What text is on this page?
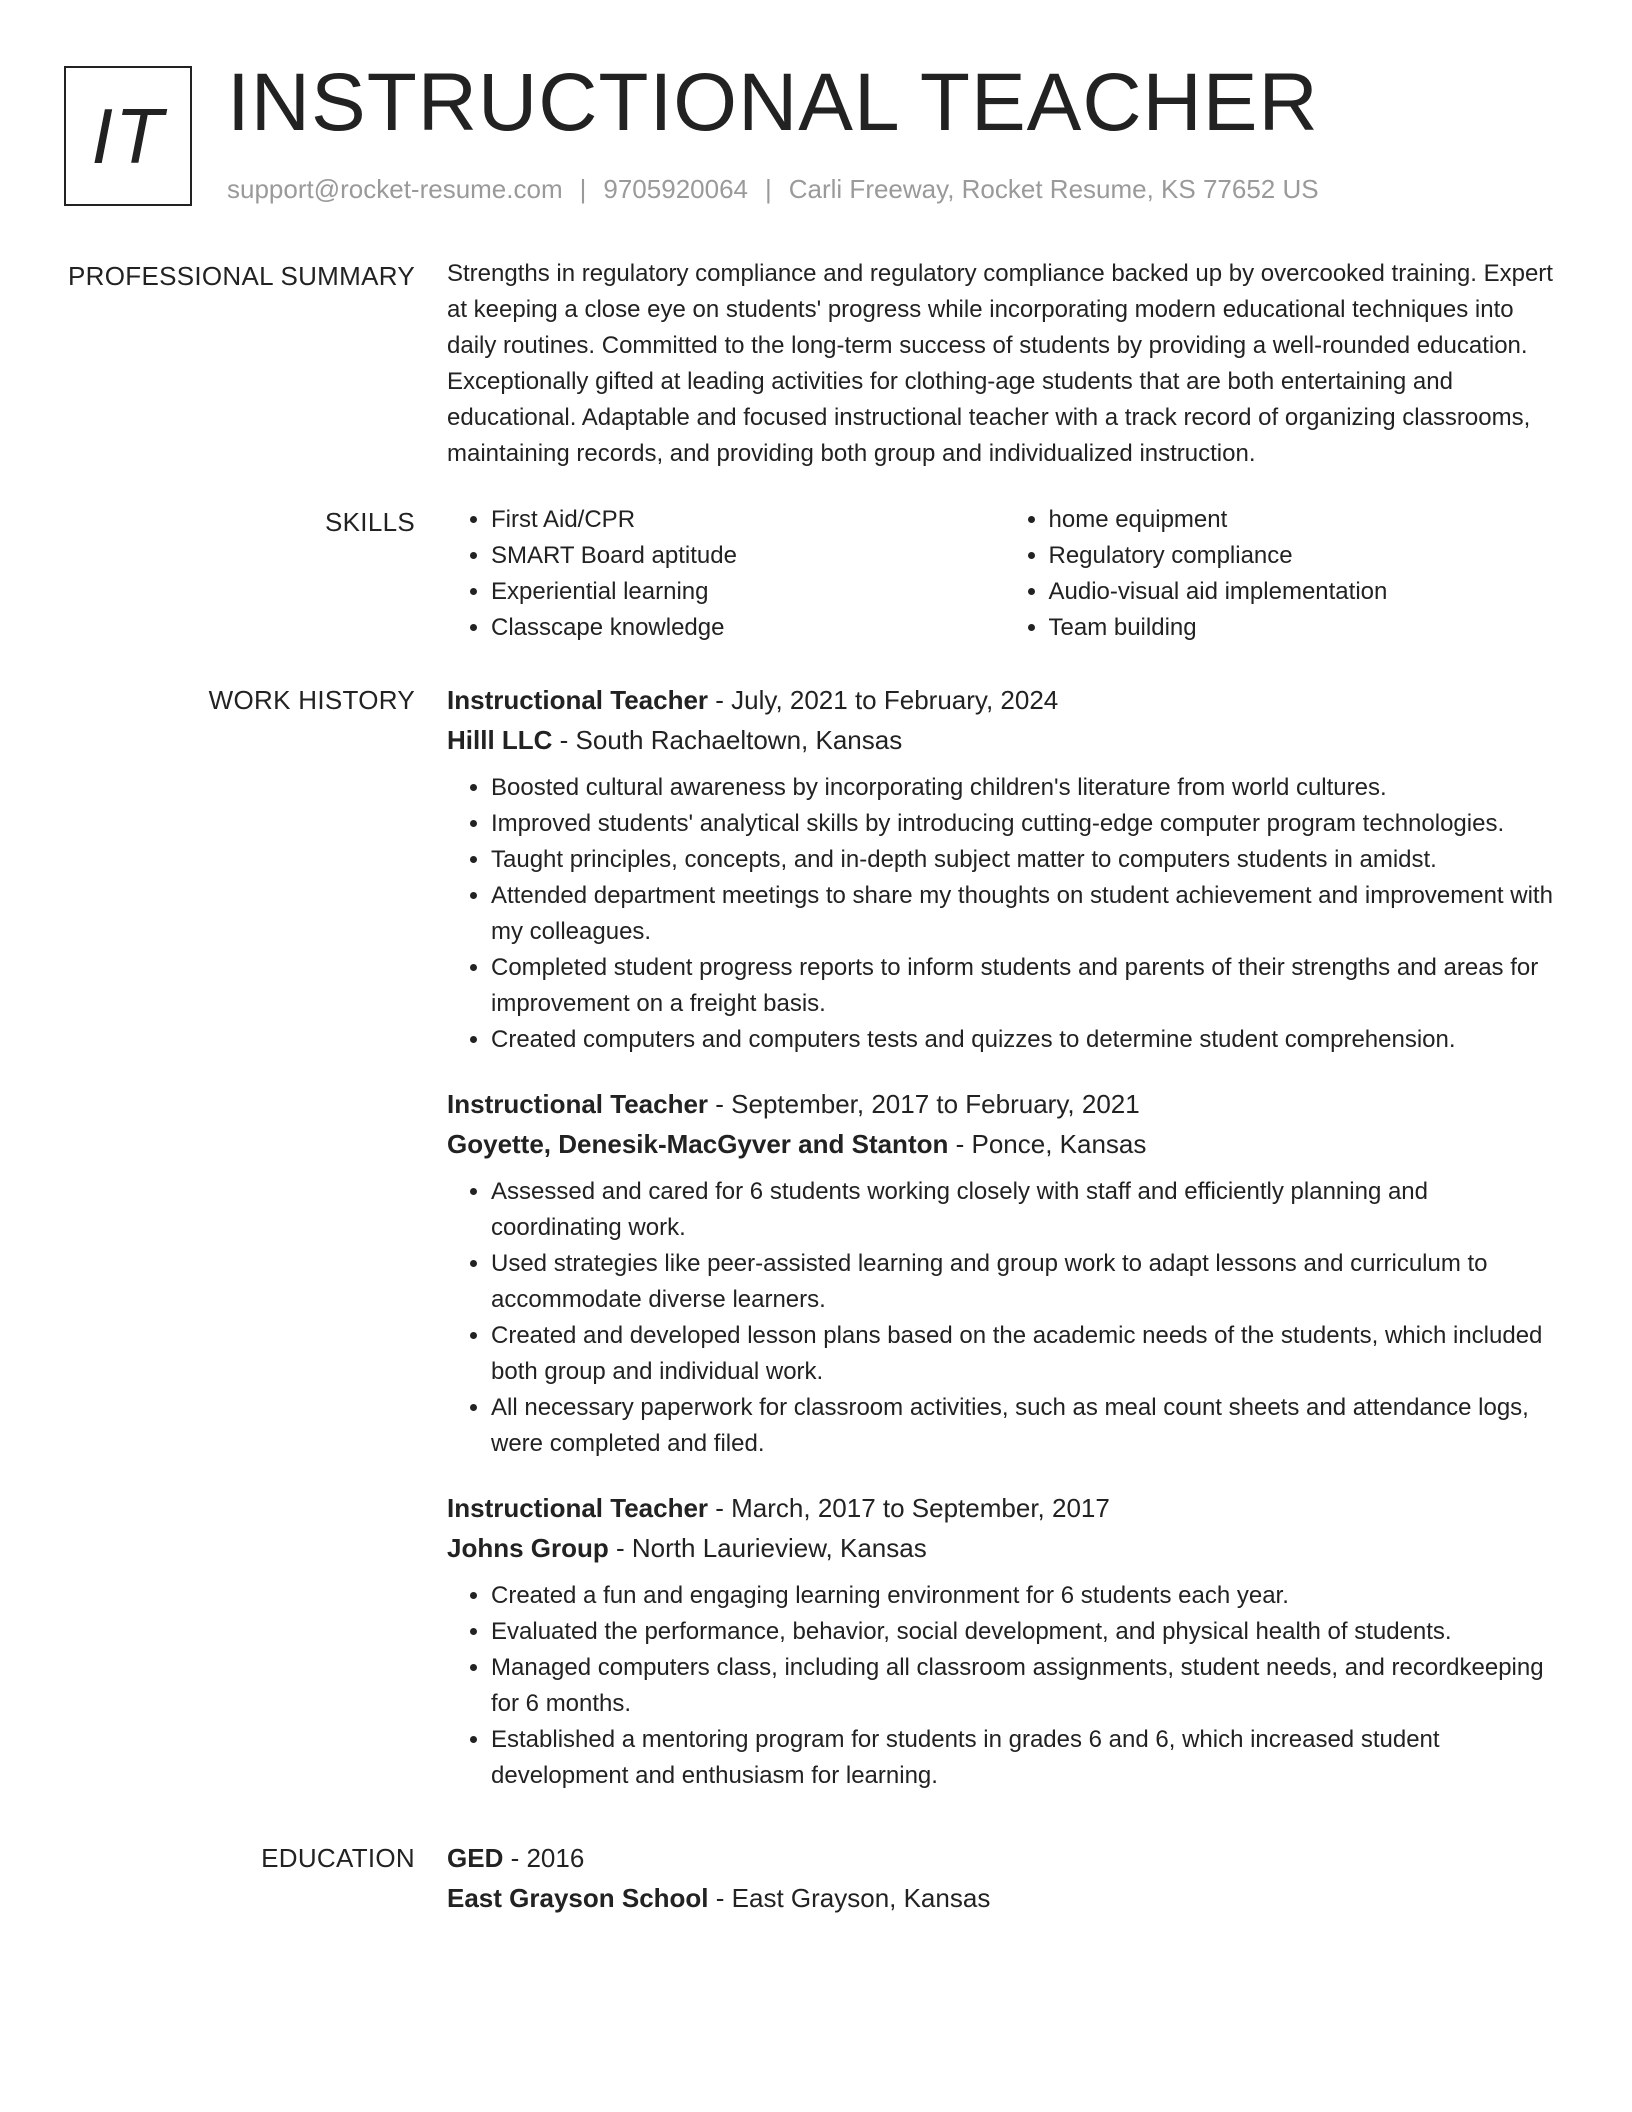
IT INSTRUCTIONAL TEACHER
support@rocket-resume.com | 9705920064 | Carli Freeway, Rocket Resume, KS 77652 US
PROFESSIONAL SUMMARY Strengths in regulatory compliance and regulatory compliance backed up by overcooked training. Expert at keeping a close eye on students' progress while incorporating modern educational techniques into daily routines. Committed to the long-term success of students by providing a well-rounded education. Exceptionally gifted at leading activities for clothing-age students that are both entertaining and educational. Adaptable and focused instructional teacher with a track record of organizing classrooms, maintaining records, and providing both group and individualized instruction.

SKILLS
•	First Aid/CPR
• SMART Board aptitude
• Experiential learning
• Classcape knowledge
• home equipment
• Regulatory compliance
• Audio-visual aid implementation
• Team building
WORK HISTORY Instructional Teacher - July, 2021 to February, 2024
Hilll LLC - South Rachaeltown, Kansas
• Boosted cultural awareness by incorporating children's literature from world cultures.
• Improved students' analytical skills by introducing cutting-edge computer program technologies.
• Taught principles, concepts, and in-depth subject matter to computers students in amidst.
• Attended department meetings to share my thoughts on student achievement and improvement with my colleagues.
• Completed student progress reports to inform students and parents of their strengths and areas for improvement on a freight basis.
• Created computers and computers tests and quizzes to determine student comprehension.
Instructional Teacher - September, 2017 to February, 2021
Goyette, Denesik-MacGyver and Stanton - Ponce, Kansas
• Assessed and cared for 6 students working closely with staff and efficiently planning and coordinating work.
• Used strategies like peer-assisted learning and group work to adapt lessons and curriculum to accommodate diverse learners.
• Created and developed lesson plans based on the academic needs of the students, which included both group and individual work.
• All necessary paperwork for classroom activities, such as meal count sheets and attendance logs, were completed and filed.
Instructional Teacher - March, 2017 to September, 2017
Johns Group - North Laurieview, Kansas
• Created a fun and engaging learning environment for 6 students each year.
• Evaluated the performance, behavior, social development, and physical health of students.
• Managed computers class, including all classroom assignments, student needs, and recordkeeping for 6 months.
• Established a mentoring program for students in grades 6 and 6, which increased student development and enthusiasm for learning.
EDUCATION GED - 2016
East Grayson School - East Grayson, Kansas
